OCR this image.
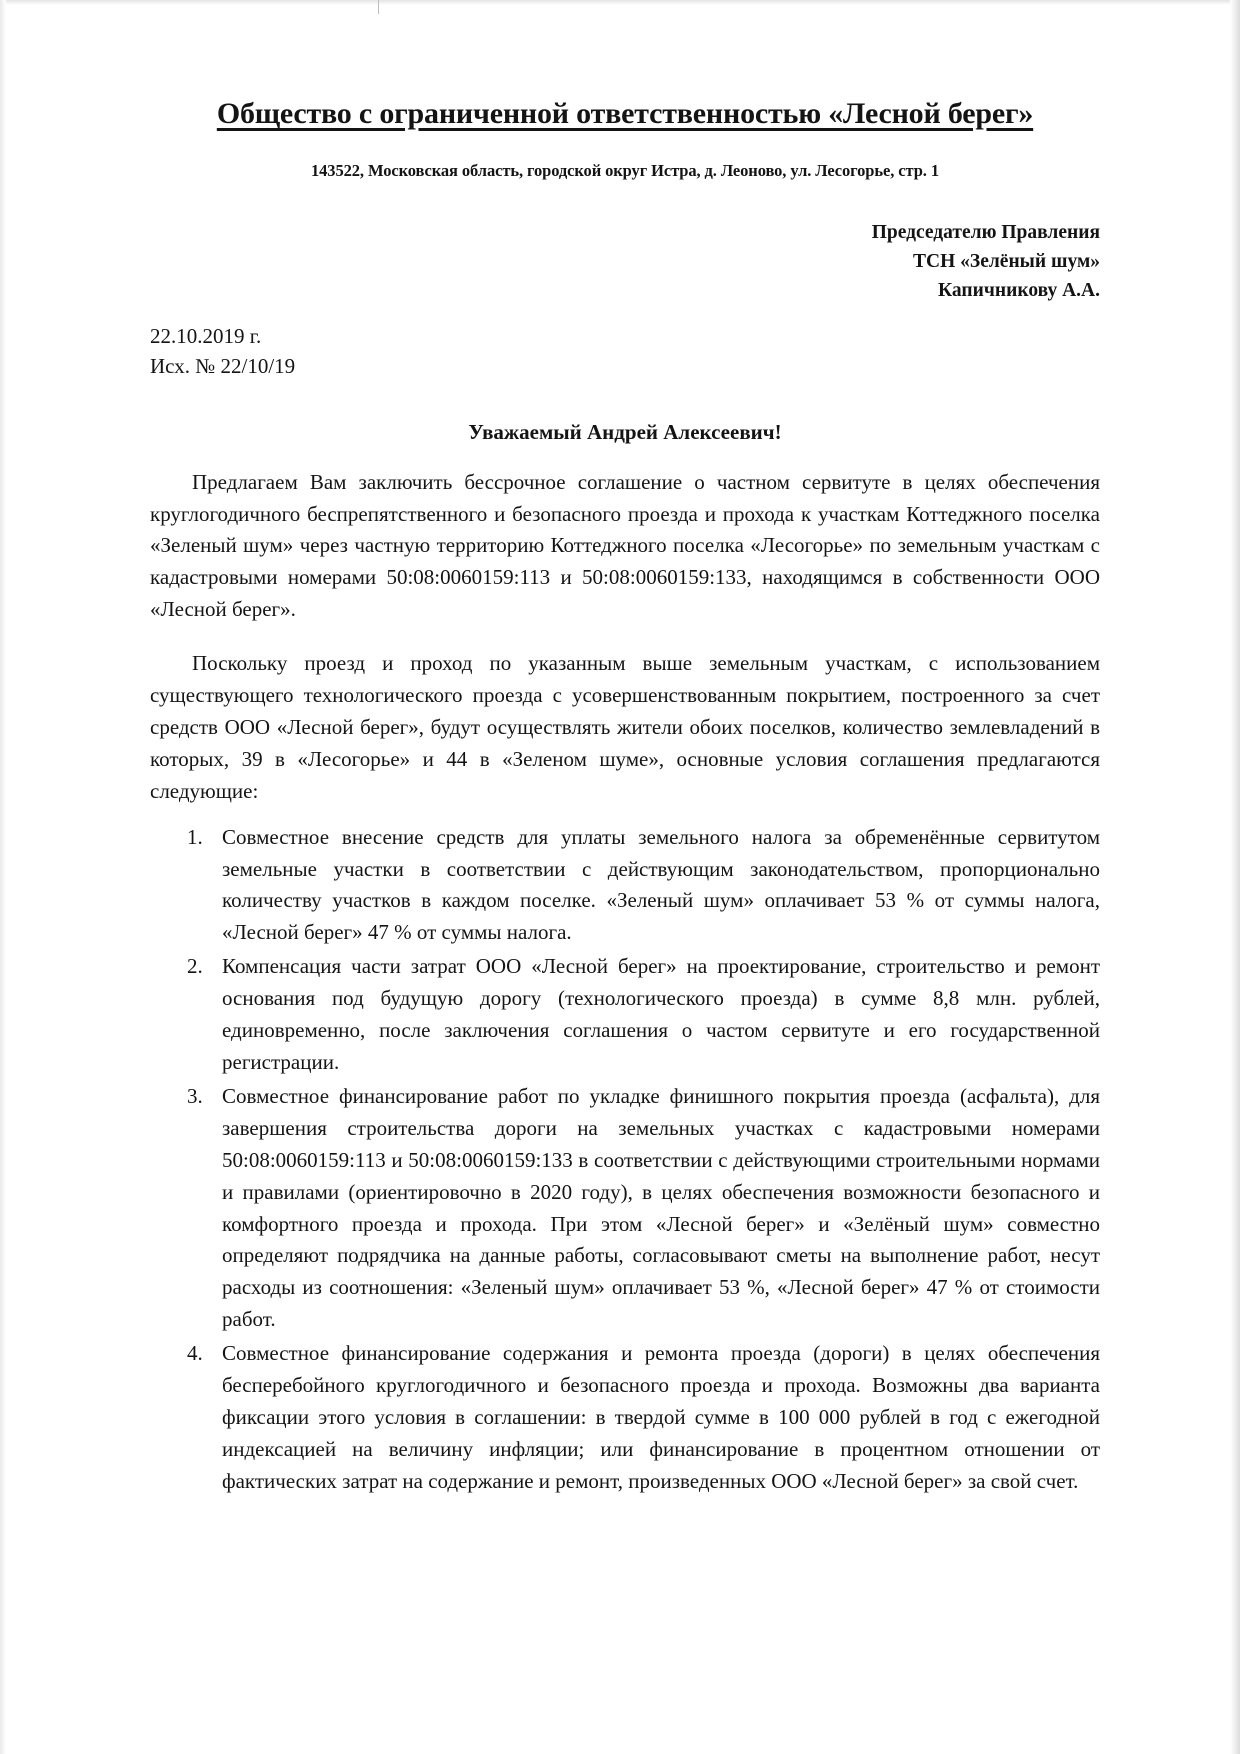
Общество с ограниченной ответственностью «Лесной берег»
143522, Московская область, городской округ Истра, д. Леоново, ул. Лесогорье, стр. 1
Председателю Правления
ТСН «Зелёный шум»
Капичникову А.А.
22.10.2019 г.
Исх. № 22/10/19
Уважаемый Андрей Алексеевич!

Предлагаем Вам заключить бессрочное соглашение о частном сервитуте в целях обеспечения круглогодичного беспрепятственного и безопасного проезда и прохода к участкам Коттеджного поселка «Зеленый шум» через частную территорию Коттеджного поселка «Лесогорье» по земельным участкам с кадастровыми номерами 50:08:0060159:113 и 50:08:0060159:133, находящимся в собственности ООО «Лесной берег».

Поскольку проезд и проход по указанным выше земельным участкам, с использованием существующего технологического проезда с усовершенствованным покрытием, построенного за счет средств ООО «Лесной берег», будут осуществлять жители обоих поселков, количество землевладений в которых, 39 в «Лесогорье» и 44 в «Зеленом шуме», основные условия соглашения предлагаются следующие:

1. Совместное внесение средств для уплаты земельного налога за обременённые сервитутом земельные участки в соответствии с действующим законодательством, пропорционально количеству участков в каждом поселке. «Зеленый шум» оплачивает 53 % от суммы налога, «Лесной берег» 47 % от суммы налога.
2. Компенсация части затрат ООО «Лесной берег» на проектирование, строительство и ремонт основания под будущую дорогу (технологического проезда) в сумме 8,8 млн. рублей, единовременно, после заключения соглашения о частом сервитуте и его государственной регистрации.
3. Совместное финансирование работ по укладке финишного покрытия проезда (асфальта), для завершения строительства дороги на земельных участках с кадастровыми номерами 50:08:0060159:113 и 50:08:0060159:133 в соответствии с действующими строительными нормами и правилами (ориентировочно в 2020 году), в целях обеспечения возможности безопасного и комфортного проезда и прохода. При этом «Лесной берег» и «Зелёный шум» совместно определяют подрядчика на данные работы, согласовывают сметы на выполнение работ, несут расходы из соотношения: «Зеленый шум» оплачивает 53 %, «Лесной берег» 47 % от стоимости работ.
4. Совместное финансирование содержания и ремонта проезда (дороги) в целях обеспечения бесперебойного круглогодичного и безопасного проезда и прохода. Возможны два варианта фиксации этого условия в соглашении: в твердой сумме в 100 000 рублей в год с ежегодной индексацией на величину инфляции; или финансирование в процентном отношении от фактических затрат на содержание и ремонт, произведенных ООО «Лесной берег» за свой счет.
